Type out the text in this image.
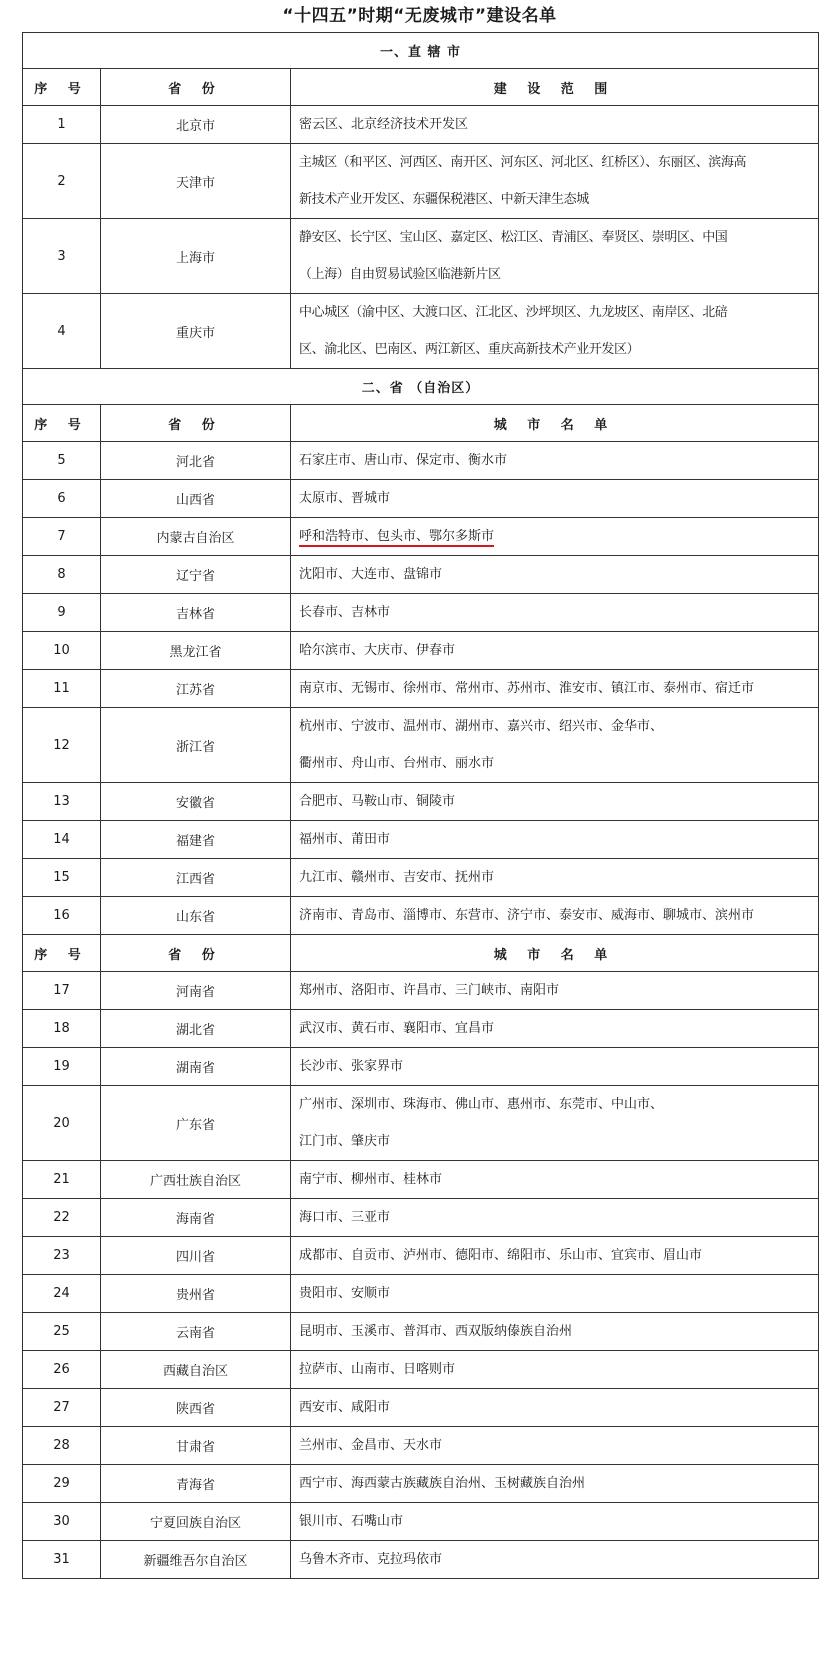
“十四五”时期“无废城市”建设名单
一、直 辖 市		
序 号	省 份	建 设 范 围
1	北京市	密云区、北京经济技术开发区

2	天津市	主城区（和平区、河西区、南开区、河东区、河北区、红桥区）、东丽区、滨海高
新技术产业开发区、东疆保税港区、中新天津生态城

3	上海市	静安区、长宁区、宝山区、嘉定区、松江区、青浦区、奉贤区、崇明区、中国
（上海）自由贸易试验区临港新片区

4	重庆市	中心城区（渝中区、大渡口区、江北区、沙坪坝区、九龙坡区、南岸区、北碚
区、渝北区、巴南区、两江新区、重庆高新技术产业开发区）

二、省 （自治区）		
序 号	省 份	城 市 名 单
5	河北省	石家庄市、唐山市、保定市、衡水市

6	山西省	太原市、晋城市

7	内蒙古自治区	呼和浩特市、包头市、鄂尔多斯市

8	辽宁省	沈阳市、大连市、盘锦市

9	吉林省	长春市、吉林市

10	黑龙江省	哈尔滨市、大庆市、伊春市

11	江苏省	南京市、无锡市、徐州市、常州市、苏州市、淮安市、镇江市、泰州市、宿迁市

12	浙江省	杭州市、宁波市、温州市、湖州市、嘉兴市、绍兴市、金华市、
衢州市、舟山市、台州市、丽水市

13	安徽省	合肥市、马鞍山市、铜陵市

14	福建省	福州市、莆田市

15	江西省	九江市、赣州市、吉安市、抚州市

16	山东省	济南市、青岛市、淄博市、东营市、济宁市、泰安市、威海市、聊城市、滨州市

序 号	省 份	城 市 名 单
17	河南省	郑州市、洛阳市、许昌市、三门峡市、南阳市

18	湖北省	武汉市、黄石市、襄阳市、宜昌市

19	湖南省	长沙市、张家界市

20	广东省	广州市、深圳市、珠海市、佛山市、惠州市、东莞市、中山市、
江门市、肇庆市

21	广西壮族自治区	南宁市、柳州市、桂林市

22	海南省	海口市、三亚市

23	四川省	成都市、自贡市、泸州市、德阳市、绵阳市、乐山市、宜宾市、眉山市

24	贵州省	贵阳市、安顺市

25	云南省	昆明市、玉溪市、普洱市、西双版纳傣族自治州

26	西藏自治区	拉萨市、山南市、日喀则市

27	陕西省	西安市、咸阳市

28	甘肃省	兰州市、金昌市、天水市

29	青海省	西宁市、海西蒙古族藏族自治州、玉树藏族自治州

30	宁夏回族自治区	银川市、石嘴山市

31	新疆维吾尔自治区	乌鲁木齐市、克拉玛依市
